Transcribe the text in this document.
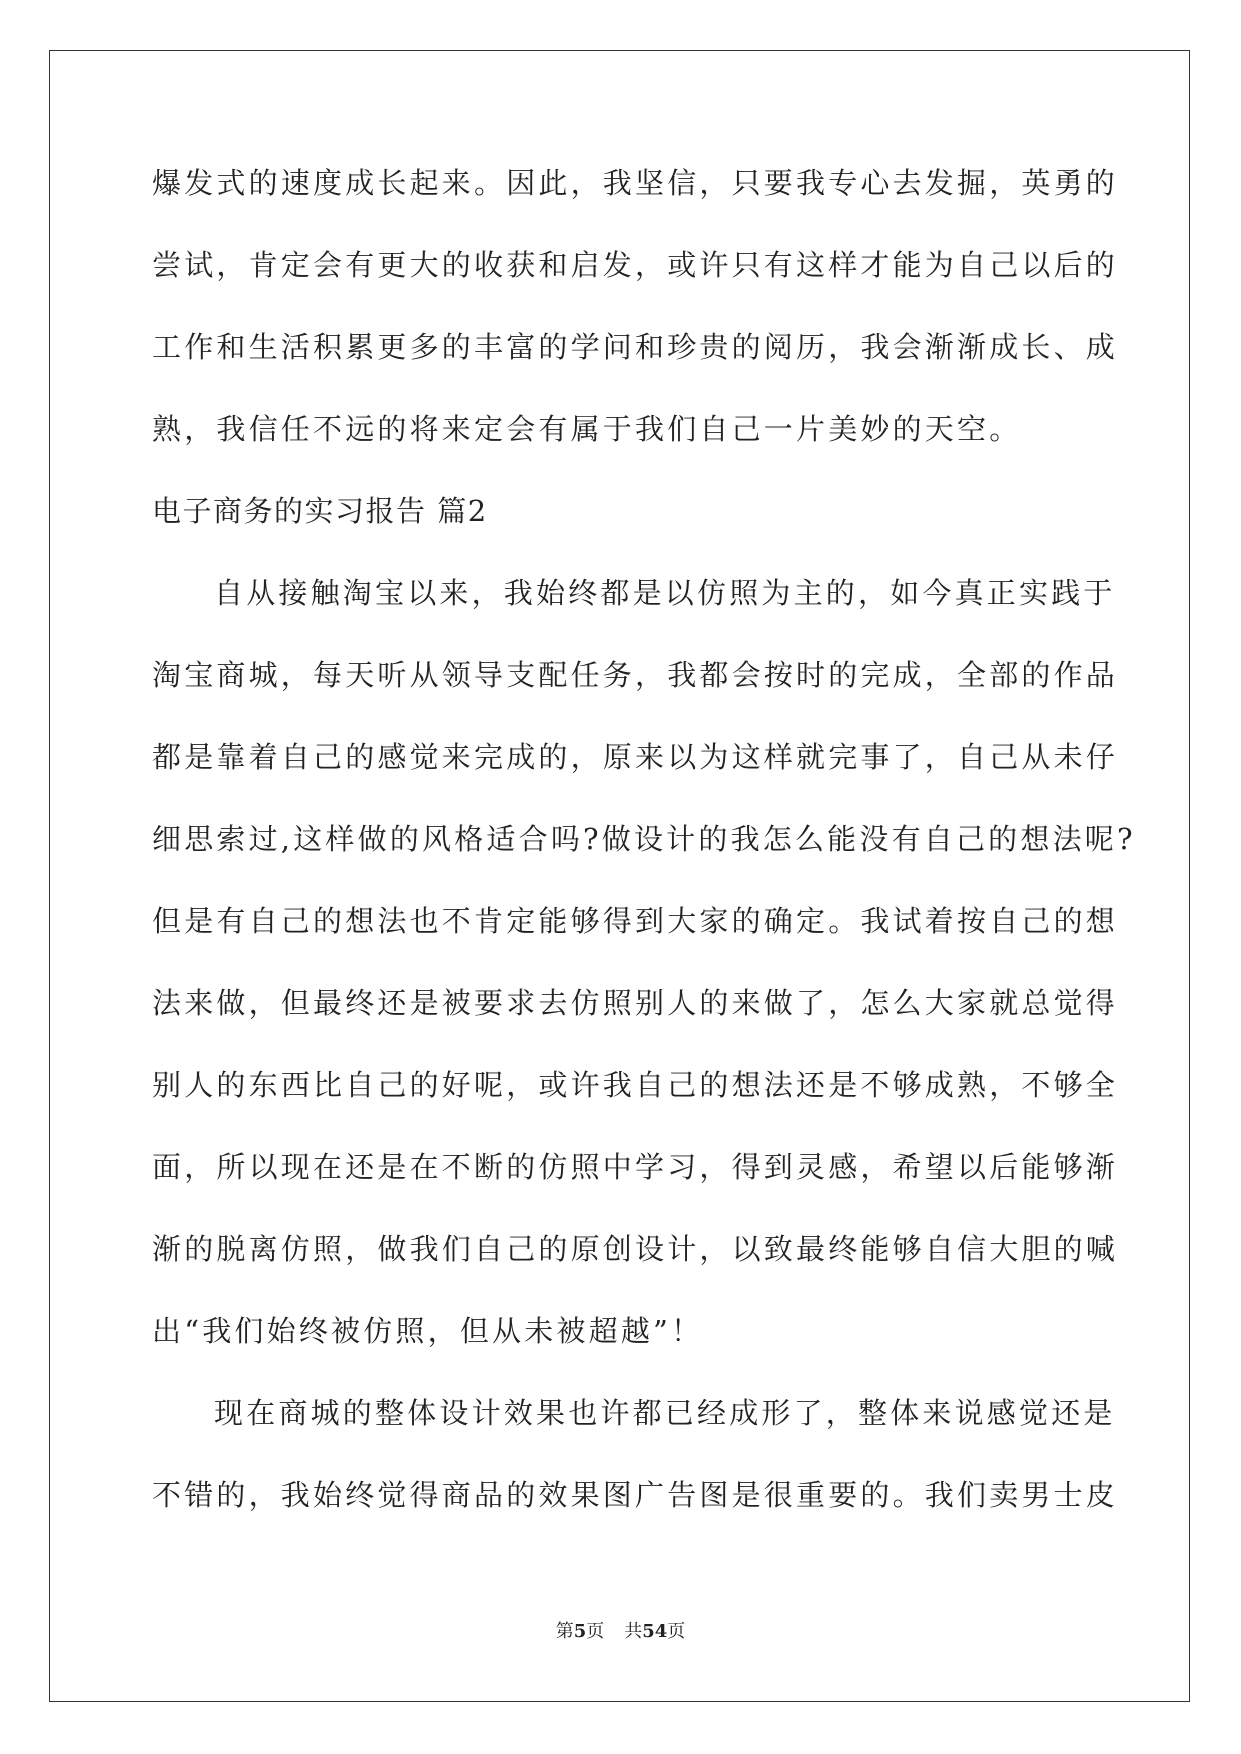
爆发式的速度成长起来。因此，我坚信，只要我专心去发掘，英勇的
尝试，肯定会有更大的收获和启发，或许只有这样才能为自己以后的
工作和生活积累更多的丰富的学问和珍贵的阅历，我会渐渐成长、成
熟，我信任不远的将来定会有属于我们自己一片美妙的天空。
电子商务的实习报告 篇2
自从接触淘宝以来，我始终都是以仿照为主的，如今真正实践于
淘宝商城，每天听从领导支配任务，我都会按时的完成，全部的作品
都是靠着自己的感觉来完成的，原来以为这样就完事了，自己从未仔
细思索过,这样做的风格适合吗?做设计的我怎么能没有自己的想法呢?
但是有自己的想法也不肯定能够得到大家的确定。我试着按自己的想
法来做，但最终还是被要求去仿照别人的来做了，怎么大家就总觉得
别人的东西比自己的好呢，或许我自己的想法还是不够成熟，不够全
面，所以现在还是在不断的仿照中学习，得到灵感，希望以后能够渐
渐的脱离仿照，做我们自己的原创设计，以致最终能够自信大胆的喊
出“我们始终被仿照，但从未被超越”！
现在商城的整体设计效果也许都已经成形了，整体来说感觉还是
不错的，我始终觉得商品的效果图广告图是很重要的。我们卖男士皮
第5页 共54页
